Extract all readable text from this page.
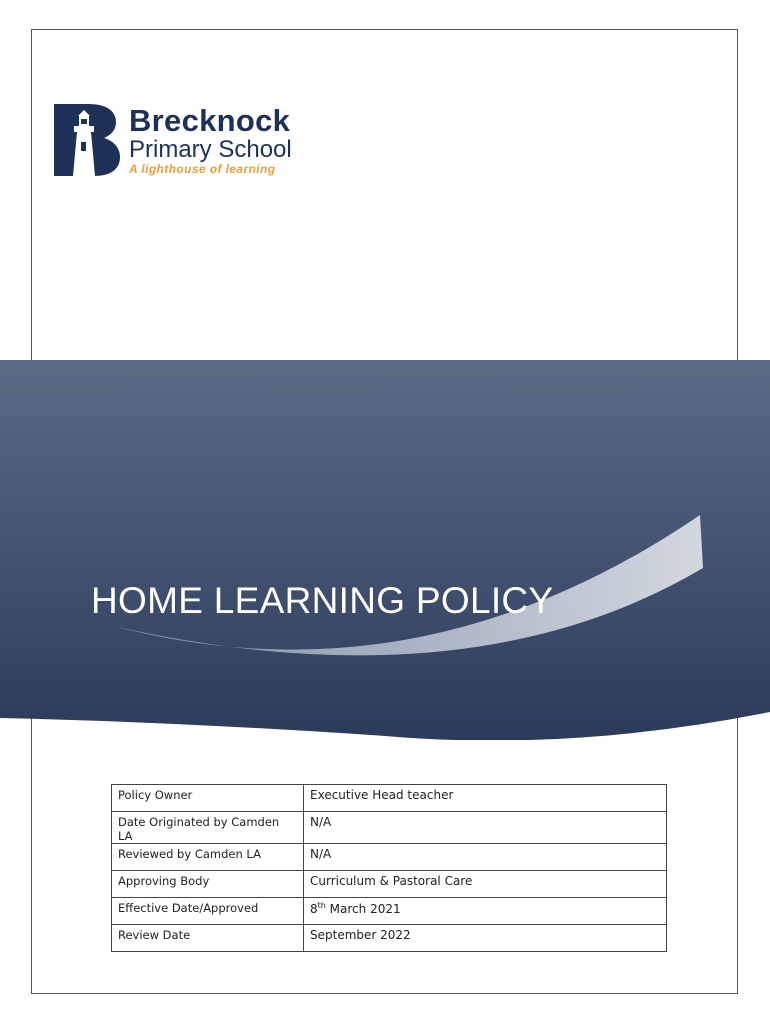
Brecknock
Primary School
A lighthouse of learning
HOME LEARNING POLICY
Policy Owner	Executive Head teacher
Date Originated by Camden LA	N/A
Reviewed by Camden LA	N/A
Approving Body	Curriculum & Pastoral Care
Effective Date/Approved	8th March 2021
Review Date	September 2022
